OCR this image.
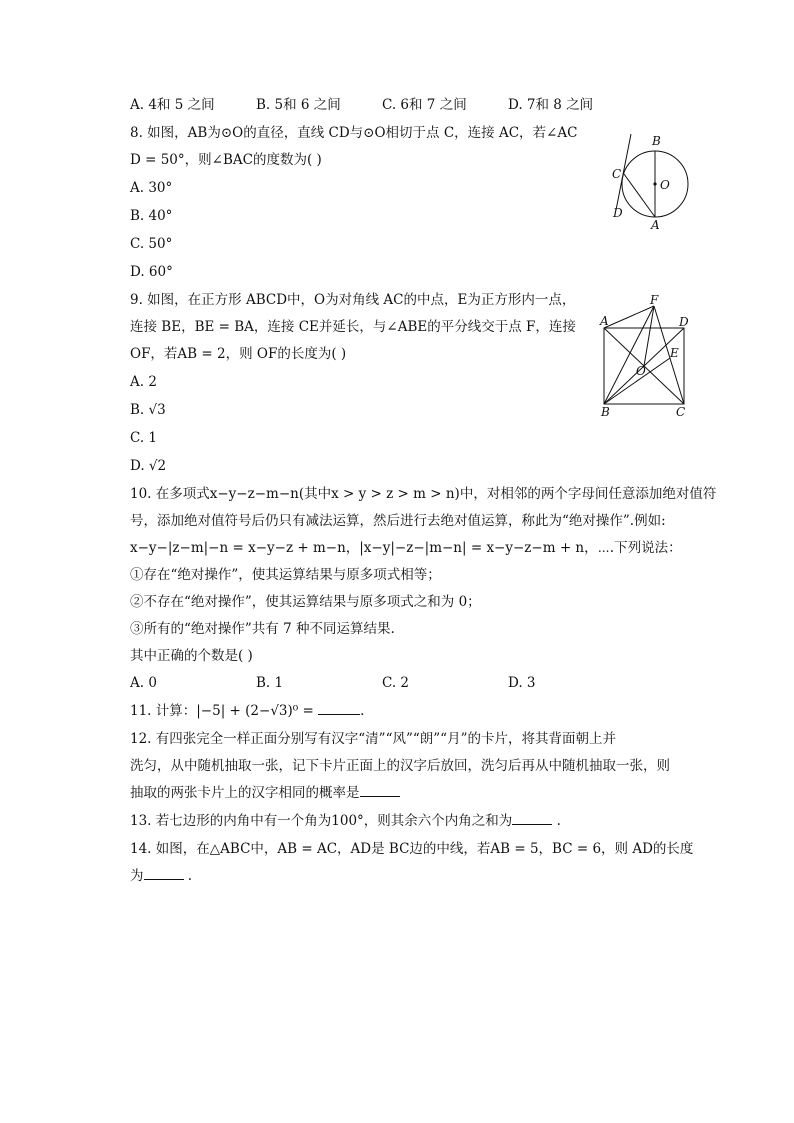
A. 4和 5 之间	B. 5和 6 之间	C. 6和 7 之间	D. 7和 8 之间
8. 如图，AB为⊙O的直径，直线 CD与⊙O相切于点 C，连接 AC，若∠AC
D = 50°，则∠BAC的度数为( )
A. 30°
B. 40°
C. 50°
D. 60°
B
C
O
D
A
9. 如图，在正方形 ABCD中，O为对角线 AC的中点，E为正方形内一点，
连接 BE，BE = BA，连接 CE并延长，与∠ABE的平分线交于点 F，连接
OF，若AB = 2，则 OF的长度为( )
A. 2
B. √3
C. 1
D. √2
F
A	D
E
O
B	C
10. 在多项式x−y−z−m−n(其中x > y > z > m > n)中，对相邻的两个字母间任意添加绝对值符
号，添加绝对值符号后仍只有减法运算，然后进行去绝对值运算，称此为“绝对操作”.例如:
x−y−|z−m|−n = x−y−z + m−n，|x−y|−z−|m−n| = x−y−z−m + n，⋯.下列说法：
①存在“绝对操作”，使其运算结果与原多项式相等；
②不存在“绝对操作”，使其运算结果与原多项式之和为 0；
③所有的“绝对操作”共有 7 种不同运算结果.
其中正确的个数是( )
A. 0	B. 1	C. 2	D. 3
11. 计算：|−5| + (2−√3)⁰ =	.
12. 有四张完全一样正面分别写有汉字“清”“风”“朗”“月”的卡片，将其背面朝上并
洗匀，从中随机抽取一张，记下卡片正面上的汉字后放回，洗匀后再从中随机抽取一张，则
抽取的两张卡片上的汉字相同的概率是
13. 若七边形的内角中有一个角为100°，则其余六个内角之和为	.
14. 如图，在△ABC中，AB = AC，AD是 BC边的中线，若AB = 5，BC = 6，则 AD的长度
为	.
